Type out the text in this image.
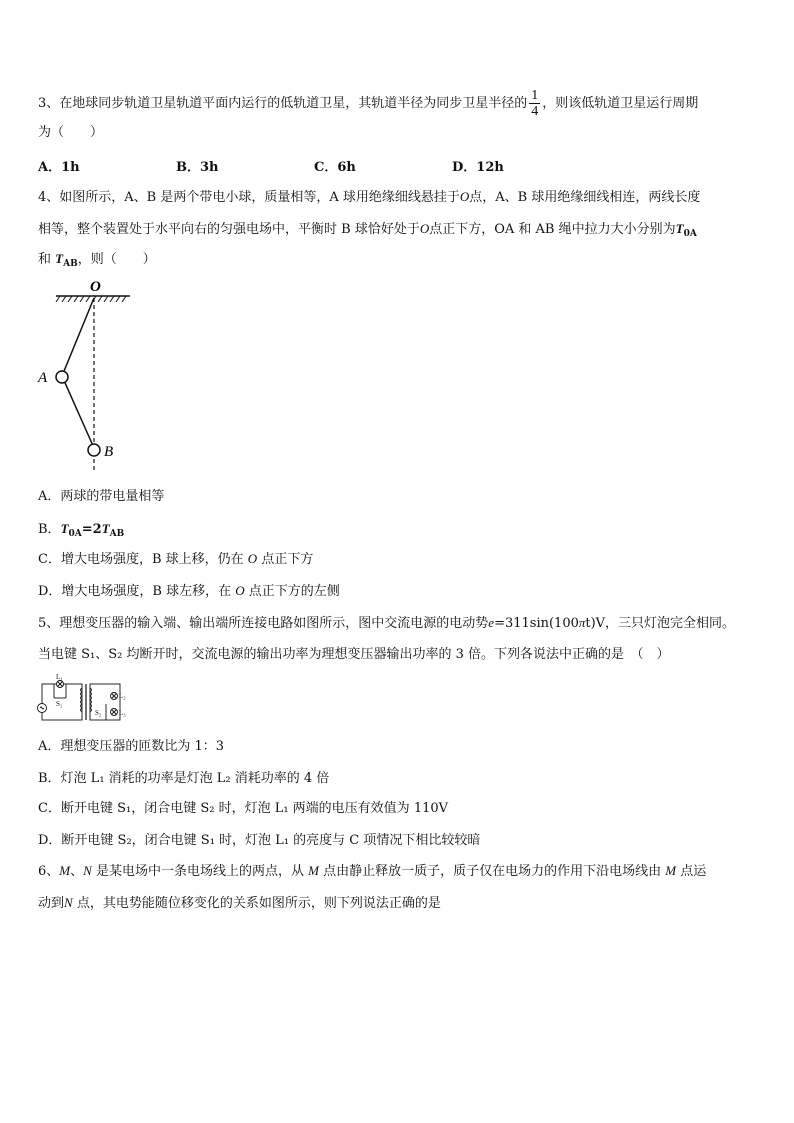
3、在地球同步轨道卫星轨道平面内运行的低轨道卫星，其轨道半径为同步卫星半径的 $\frac{1}{4}$ ，则该低轨道卫星运行周期
为（　　）
A．1h	B．3h	C．6h	D．12h
4、如图所示，A、B 是两个带电小球，质量相等，A 球用绝缘细线悬挂于O点，A、B 球用绝缘细线相连，两线长度
相等，整个装置处于水平向右的匀强电场中，平衡时 B 球恰好处于O点正下方，OA 和 AB 绳中拉力大小分别为$T_{0A}$
和 $T_{AB}$，则（　　）
O
A
B
A．两球的带电量相等
B．$T_{0A}=2T_{AB}$
C．增大电场强度，B 球上移，仍在 O 点正下方
D．增大电场强度，B 球左移，在 O 点正下方的左侧
5、理想变压器的输入端、输出端所连接电路如图所示，图中交流电源的电动势e=311sin(100πt)V，三只灯泡完全相同。
当电键 S₁、S₂ 均断开时，交流电源的输出功率为理想变压器输出功率的 3 倍。下列各说法中正确的是　（　）
L₁
S₁
L₂
L₃
S₂
A．理想变压器的匝数比为 1：3
B．灯泡 L₁ 消耗的功率是灯泡 L₂ 消耗功率的 4 倍
C．断开电键 S₁，闭合电键 S₂ 时，灯泡 L₁ 两端的电压有效值为 110V
D．断开电键 S₂，闭合电键 S₁ 时，灯泡 L₁ 的亮度与 C 项情况下相比较较暗
6、M、N 是某电场中一条电场线上的两点，从 M 点由静止释放一质子，质子仅在电场力的作用下沿电场线由 M 点运
动到N 点，其电势能随位移变化的关系如图所示，则下列说法正确的是
